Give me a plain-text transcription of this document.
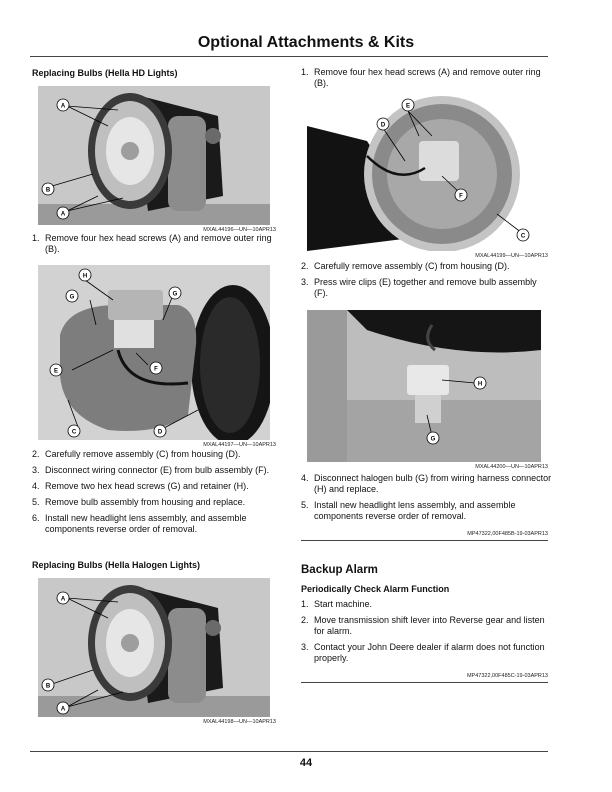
Optional Attachments & Kits
Replacing Bulbs (Hella HD Lights)
A
B
A
MXAL44196—UN—10APR13
1. Remove four hex head screws (A) and remove outer ring (B).
H
G	G
E	F
C	D
MXAL44197—UN—10APR13
2. Carefully remove assembly (C) from housing (D).
3. Disconnect wiring connector (E) from bulb assembly (F).
4. Remove two hex head screws (G) and retainer (H).
5. Remove bulb assembly from housing and replace.
6. Install new headlight lens assembly, and assemble components reverse order of removal.
Replacing Bulbs (Hella Halogen Lights)
A
B
A
MXAL44198—UN—10APR13
1. Remove four hex head screws (A) and remove outer ring (B).
E
D
F
C
MXAL44199—UN—10APR13
2. Carefully remove assembly (C) from housing (D).
3. Press wire clips (E) together and remove bulb assembly (F).
H
G
MXAL44200—UN—10APR13
4. Disconnect halogen bulb (G) from wiring harness connector (H) and replace.
5. Install new headlight lens assembly, and assemble components reverse order of removal.
MP47322,00F485B-19-03APR13
Backup Alarm
Periodically Check Alarm Function
1. Start machine.
2. Move transmission shift lever into Reverse gear and listen for alarm.
3. Contact your John Deere dealer if alarm does not function properly.
MP47322,00F485C-19-03APR13
44
